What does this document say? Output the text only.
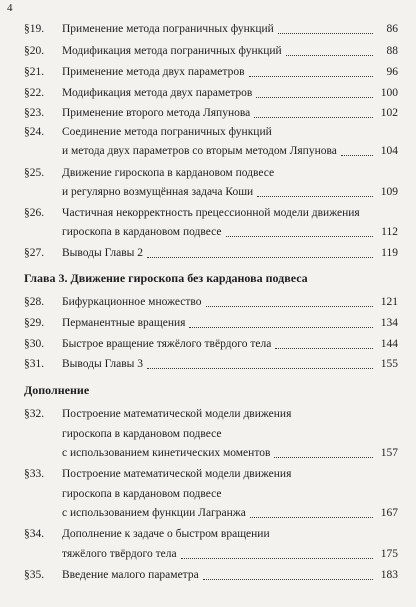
4
§19. Применение метода пограничных функций	86
§20. Модификация метода пограничных функций	88
§21. Применение метода двух параметров	96
§22. Модификация метода двух параметров	100
§23. Применение второго метода Ляпунова	102
§24. Соединение метода пограничных функций
и метода двух параметров со вторым методом Ляпунова	104
§25. Движение гироскопа в кардановом подвесе
и регулярно возмущённая задача Коши	109
§26. Частичная некорректность прецессионной модели движения
гироскопа в кардановом подвесе	112
§27. Выводы Главы 2	119
Глава 3. Движение гироскопа без карданова подвеса
§28. Бифуркационное множество	121
§29. Перманентные вращения	134
§30. Быстрое вращение тяжёлого твёрдого тела	144
§31. Выводы Главы 3	155
Дополнение
§32. Построение математической модели движения
гироскопа в кардановом подвесе
с использованием кинетических моментов	157
§33. Построение математической модели движения
гироскопа в кардановом подвесе
с использованием функции Лагранжа	167
§34. Дополнение к задаче о быстром вращении
тяжёлого твёрдого тела	175
§35. Введение малого параметра	183
